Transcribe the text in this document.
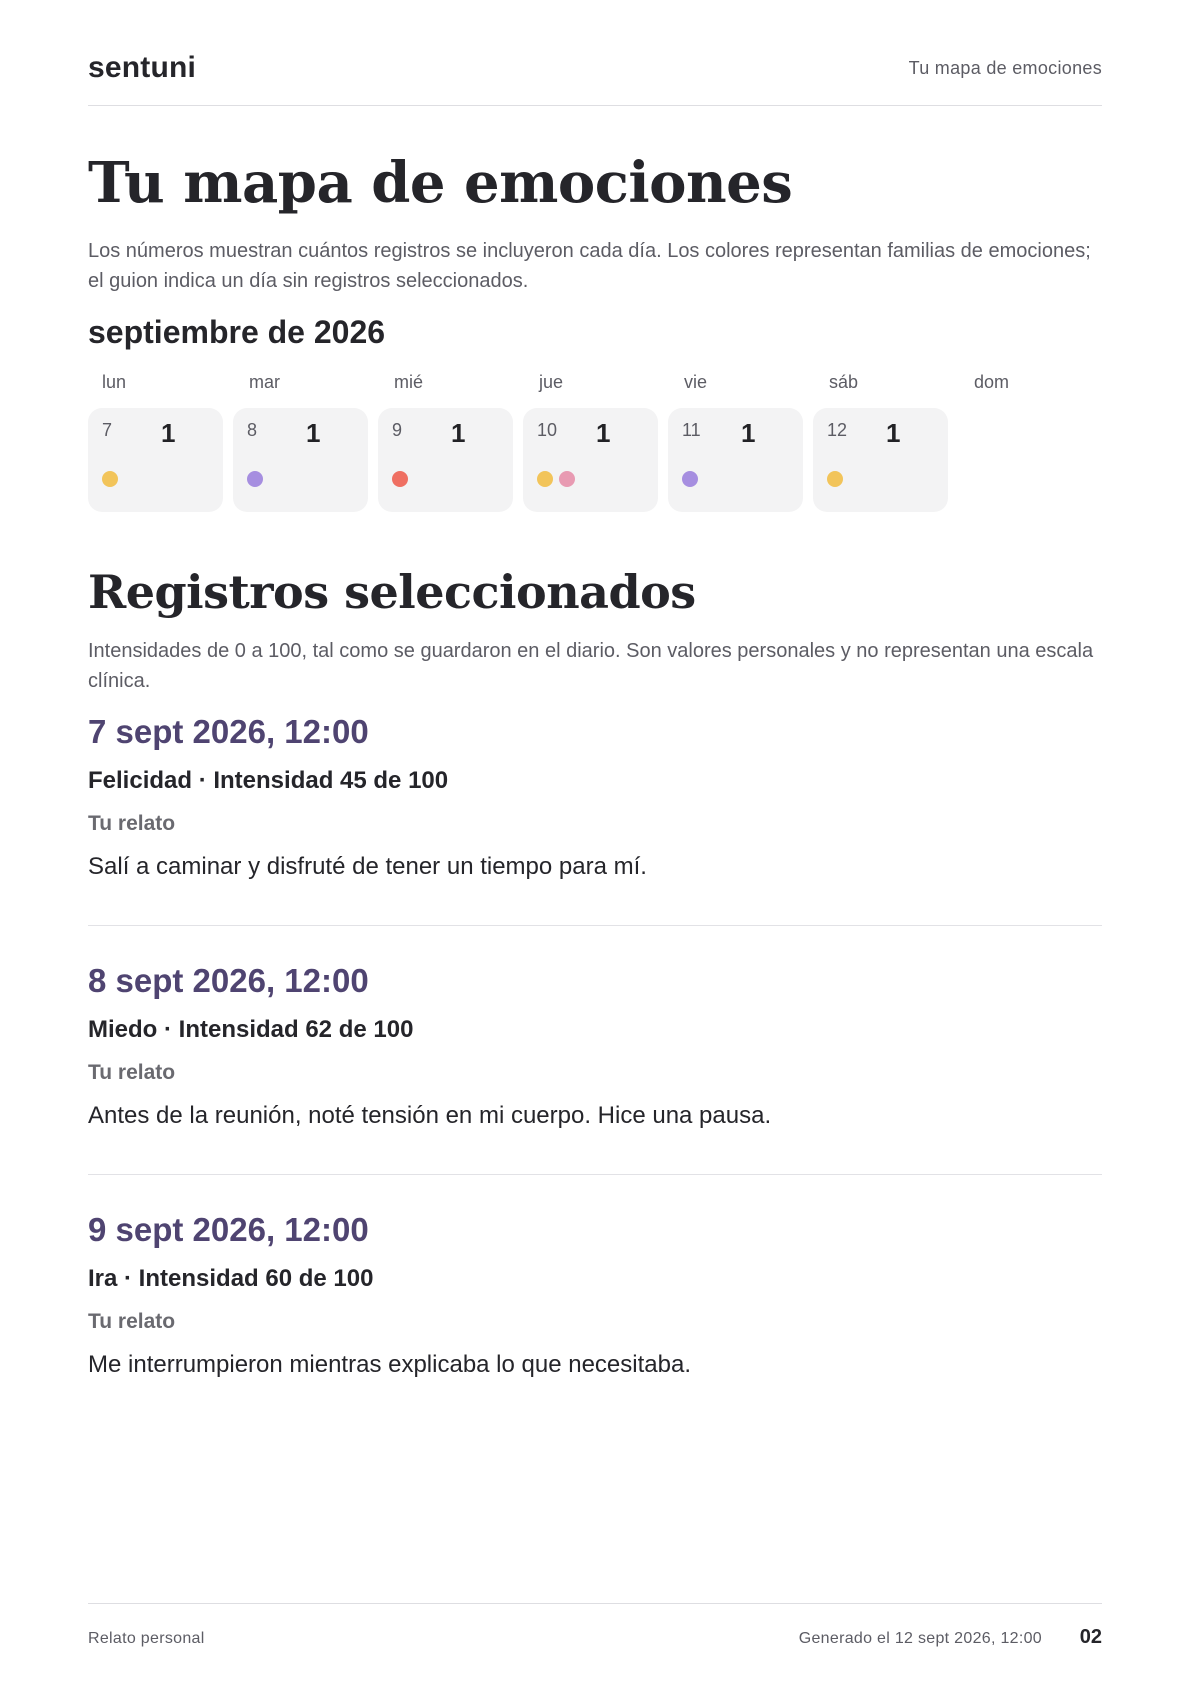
sentuni	Tu mapa de emociones
Tu mapa de emociones

Los números muestran cuántos registros se incluyeron cada día. Los colores representan familias de emociones; el guion indica un día sin registros seleccionados.

septiembre de 2026
lun	mar	mié	jue	vie	sáb	dom
7 1	8 1	9 1	10 1	11 1	12 1
Registros seleccionados

Intensidades de 0 a 100, tal como se guardaron en el diario. Son valores personales y no representan una escala clínica.

7 sept 2026, 12:00

Felicidad · Intensidad 45 de 100

Tu relato

Salí a caminar y disfruté de tener un tiempo para mí.

8 sept 2026, 12:00

Miedo · Intensidad 62 de 100

Tu relato

Antes de la reunión, noté tensión en mi cuerpo. Hice una pausa.

9 sept 2026, 12:00

Ira · Intensidad 60 de 100

Tu relato

Me interrumpieron mientras explicaba lo que necesitaba.

Relato personal	Generado el 12 sept 2026, 12:00 02
